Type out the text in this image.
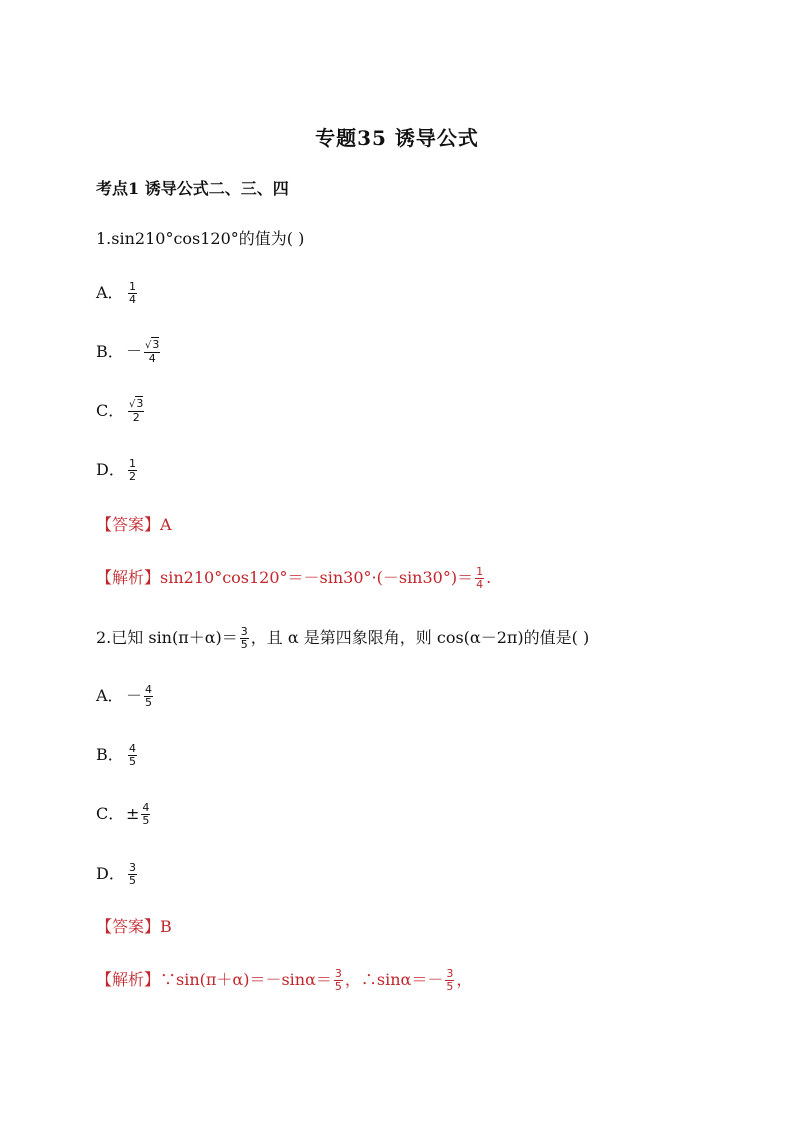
专题35 诱导公式
考点1 诱导公式二、三、四
1.sin210°cos120°的值为( )
A． $\frac{1}{4}$
B． － $\frac{√3}{4}$
C． $\frac{√3}{2}$
D． $\frac{1}{2}$
【答案】A
【解析】$\sin 210^\circ\cos 120^\circ=-\sin 30^\circ\cdot(-\sin 30^\circ)= \frac{1}{4}$ .
2.已知 $\sin(\pi+\alpha)= \frac{3}{5}$ ，且 α 是第四象限角，则 cos(α－2π)的值是( )
A． － $\frac{4}{5}$
B． $\frac{4}{5}$
C． ± $\frac{4}{5}$
D． $\frac{3}{5}$
【答案】B
【解析】∵sin(π＋α)＝－sinα＝ $\frac{3}{5}$ ，∴sinα＝－ $\frac{3}{5}$ ，
